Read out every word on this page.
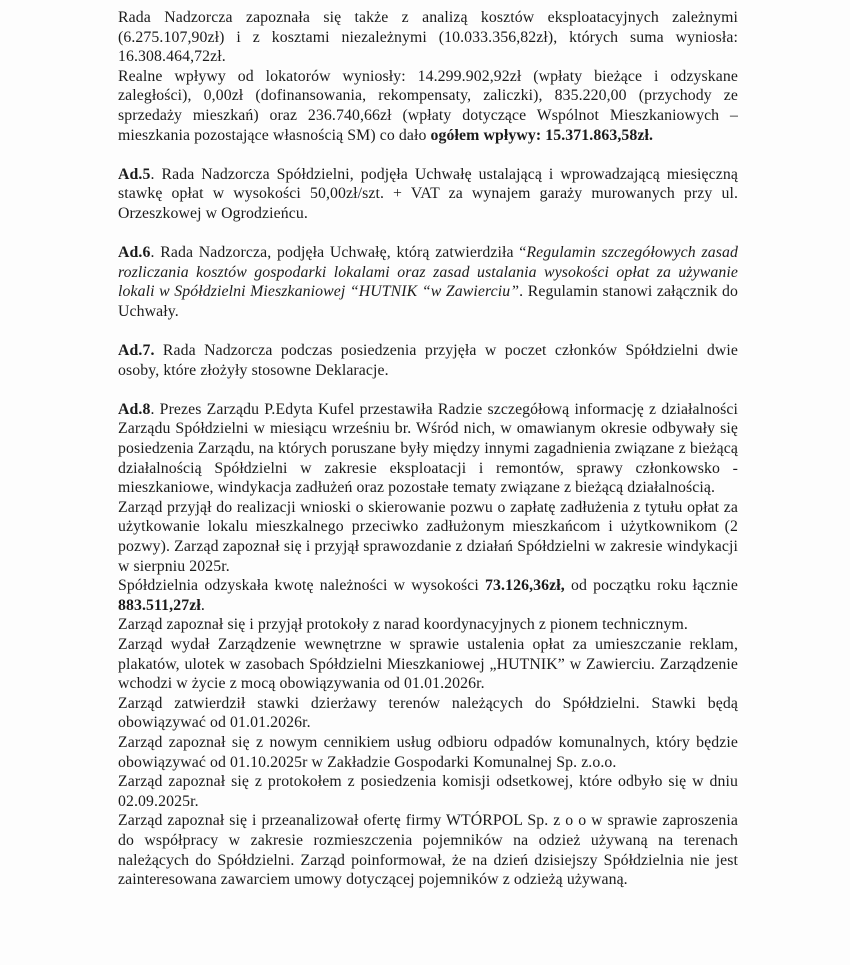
Rada Nadzorcza zapoznała się także z analizą kosztów eksploatacyjnych zależnymi (6.275.107,90zł) i z kosztami niezależnymi (10.033.356,82zł), których suma wyniosła: 16.308.464,72zł.

Realne wpływy od lokatorów wyniosły: 14.299.902,92zł (wpłaty bieżące i odzyskane zaległości), 0,00zł (dofinansowania, rekompensaty, zaliczki), 835.220,00 (przychody ze sprzedaży mieszkań) oraz 236.740,66zł (wpłaty dotyczące Wspólnot Mieszkaniowych – mieszkania pozostające własnością SM) co dało ogółem wpływy: 15.371.863,58zł.

Ad.5. Rada Nadzorcza Spółdzielni, podjęła Uchwałę ustalającą i wprowadzającą miesięczną stawkę opłat w wysokości 50,00zł/szt. + VAT za wynajem garaży murowanych przy ul. Orzeszkowej w Ogrodzieńcu.

Ad.6. Rada Nadzorcza, podjęła Uchwałę, którą zatwierdziła “Regulamin szczegółowych zasad rozliczania kosztów gospodarki lokalami oraz zasad ustalania wysokości opłat za używanie lokali w Spółdzielni Mieszkaniowej “HUTNIK “w Zawierciu”. Regulamin stanowi załącznik do Uchwały.

Ad.7. Rada Nadzorcza podczas posiedzenia przyjęła w poczet członków Spółdzielni dwie osoby, które złożyły stosowne Deklaracje.

Ad.8. Prezes Zarządu P.Edyta Kufel przestawiła Radzie szczegółową informację z działalności Zarządu Spółdzielni w miesiącu wrześniu br. Wśród nich, w omawianym okresie odbywały się posiedzenia Zarządu, na których poruszane były między innymi zagadnienia związane z bieżącą działalnością Spółdzielni w zakresie eksploatacji i remontów, sprawy członkowsko - mieszkaniowe, windykacja zadłużeń oraz pozostałe tematy związane z bieżącą działalnością.

Zarząd przyjął do realizacji wnioski o skierowanie pozwu o zapłatę zadłużenia z tytułu opłat za użytkowanie lokalu mieszkalnego przeciwko zadłużonym mieszkańcom i użytkownikom (2 pozwy). Zarząd zapoznał się i przyjął sprawozdanie z działań Spółdzielni w zakresie windykacji w sierpniu 2025r.

Spółdzielnia odzyskała kwotę należności w wysokości 73.126,36zł, od początku roku łącznie 883.511,27zł.

Zarząd zapoznał się i przyjął protokoły z narad koordynacyjnych z pionem technicznym.

Zarząd wydał Zarządzenie wewnętrzne w sprawie ustalenia opłat za umieszczanie reklam, plakatów, ulotek w zasobach Spółdzielni Mieszkaniowej „HUTNIK” w Zawierciu. Zarządzenie wchodzi w życie z mocą obowiązywania od 01.01.2026r.

Zarząd zatwierdził stawki dzierżawy terenów należących do Spółdzielni. Stawki będą obowiązywać od 01.01.2026r.

Zarząd zapoznał się z nowym cennikiem usług odbioru odpadów komunalnych, który będzie obowiązywać od 01.10.2025r w Zakładzie Gospodarki Komunalnej Sp. z.o.o.

Zarząd zapoznał się z protokołem z posiedzenia komisji odsetkowej, które odbyło się w dniu 02.09.2025r.

Zarząd zapoznał się i przeanalizował ofertę firmy WTÓRPOL Sp. z o o w sprawie zaproszenia do współpracy w zakresie rozmieszczenia pojemników na odzież używaną na terenach należących do Spółdzielni. Zarząd poinformował, że na dzień dzisiejszy Spółdzielnia nie jest zainteresowana zawarciem umowy dotyczącej pojemników z odzieżą używaną.
